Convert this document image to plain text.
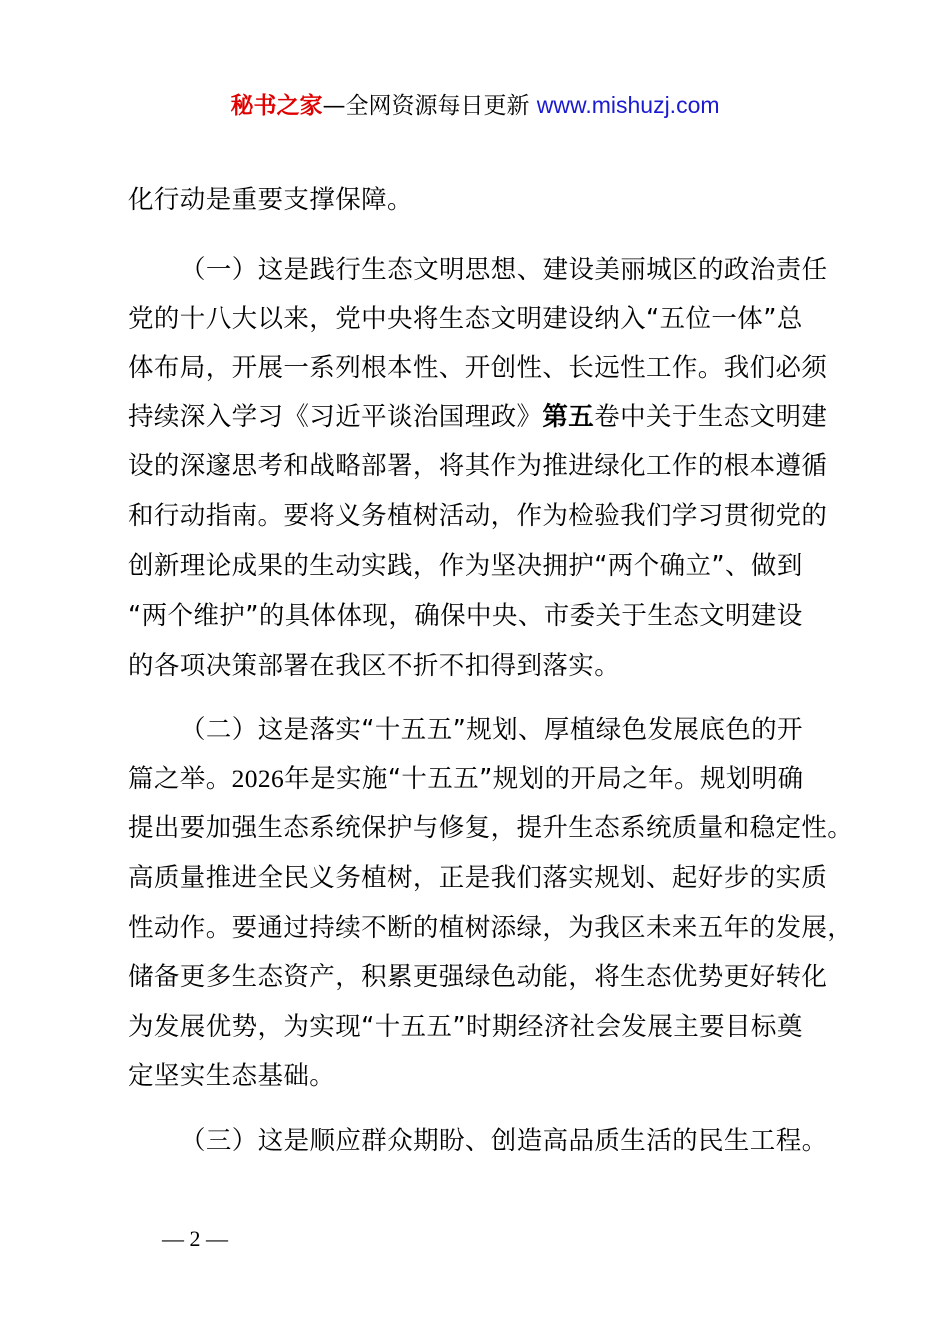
秘书之家—全网资源每日更新 www.mishuzj.com
化行动是重要支撑保障。
（一）这是践行生态文明思想、建设美丽城区的政治责任
党的十八大以来，党中央将生态文明建设纳入“五位一体”总
体布局，开展一系列根本性、开创性、长远性工作。我们必须
持续深入学习《习近平谈治国理政》第五卷中关于生态文明建
设的深邃思考和战略部署，将其作为推进绿化工作的根本遵循
和行动指南。要将义务植树活动，作为检验我们学习贯彻党的
创新理论成果的生动实践，作为坚决拥护“两个确立”、做到
“两个维护”的具体体现，确保中央、市委关于生态文明建设
的各项决策部署在我区不折不扣得到落实。
（二）这是落实“十五五”规划、厚植绿色发展底色的开
篇之举。2026年是实施“十五五”规划的开局之年。规划明确
提出要加强生态系统保护与修复，提升生态系统质量和稳定性。
高质量推进全民义务植树，正是我们落实规划、起好步的实质
性动作。要通过持续不断的植树添绿，为我区未来五年的发展，
储备更多生态资产，积累更强绿色动能，将生态优势更好转化
为发展优势，为实现“十五五”时期经济社会发展主要目标奠
定坚实生态基础。
（三）这是顺应群众期盼、创造高品质生活的民生工程。
— 2 —
